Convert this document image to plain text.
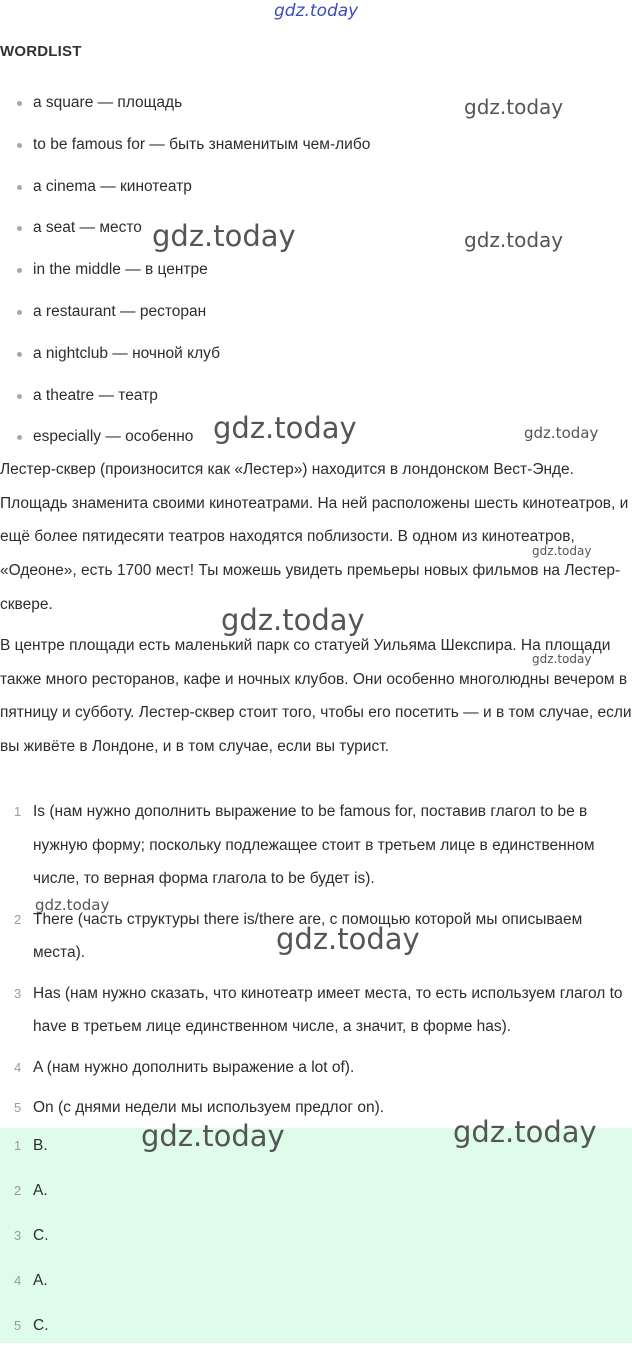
gdz.today
gdz.today
gdz.today	gdz.today
gdz.today	gdz.today
gdz.today
gdz.today
gdz.today
gdz.today
gdz.today
WORDLIST
a square — площадь
to be famous for — быть знаменитым чем-либо
a cinema — кинотеатр
a seat — место
in the middle — в центре
a restaurant — ресторан
a nightclub — ночной клуб
a theatre — театр
especially — особенно

Лестер-сквер (произносится как «Лестер») находится в лондонском Вест-Энде. Площадь знаменита своими кинотеатрами. На ней расположены шесть кинотеатров, и ещё более пятидесяти театров находятся поблизости. В одном из кинотеатров, «Одеоне», есть 1700 мест! Ты можешь увидеть премьеры новых фильмов на Лестер-сквере.

В центре площади есть маленький парк со статуей Уильяма Шекспира. На площади также много ресторанов, кафе и ночных клубов. Они особенно многолюдны вечером в пятницу и субботу. Лестер-сквер стоит того, чтобы его посетить — и в том случае, если вы живёте в Лондоне, и в том случае, если вы турист.

1 Is (нам нужно дополнить выражение to be famous for, поставив глагол to be в нужную форму; поскольку подлежащее стоит в третьем лице в единственном числе, то верная форма глагола to be будет is).
2 There (часть структуры there is/there are, с помощью которой мы описываем места).
3 Has (нам нужно сказать, что кинотеатр имеет места, то есть используем глагол to have в третьем лице единственном числе, а значит, в форме has).
4 A (нам нужно дополнить выражение a lot of).
5 On (с днями недели мы используем предлог on).
1 B.
2 A.
3 C.
4 A.
5 C.
gdz.today	gdz.today
